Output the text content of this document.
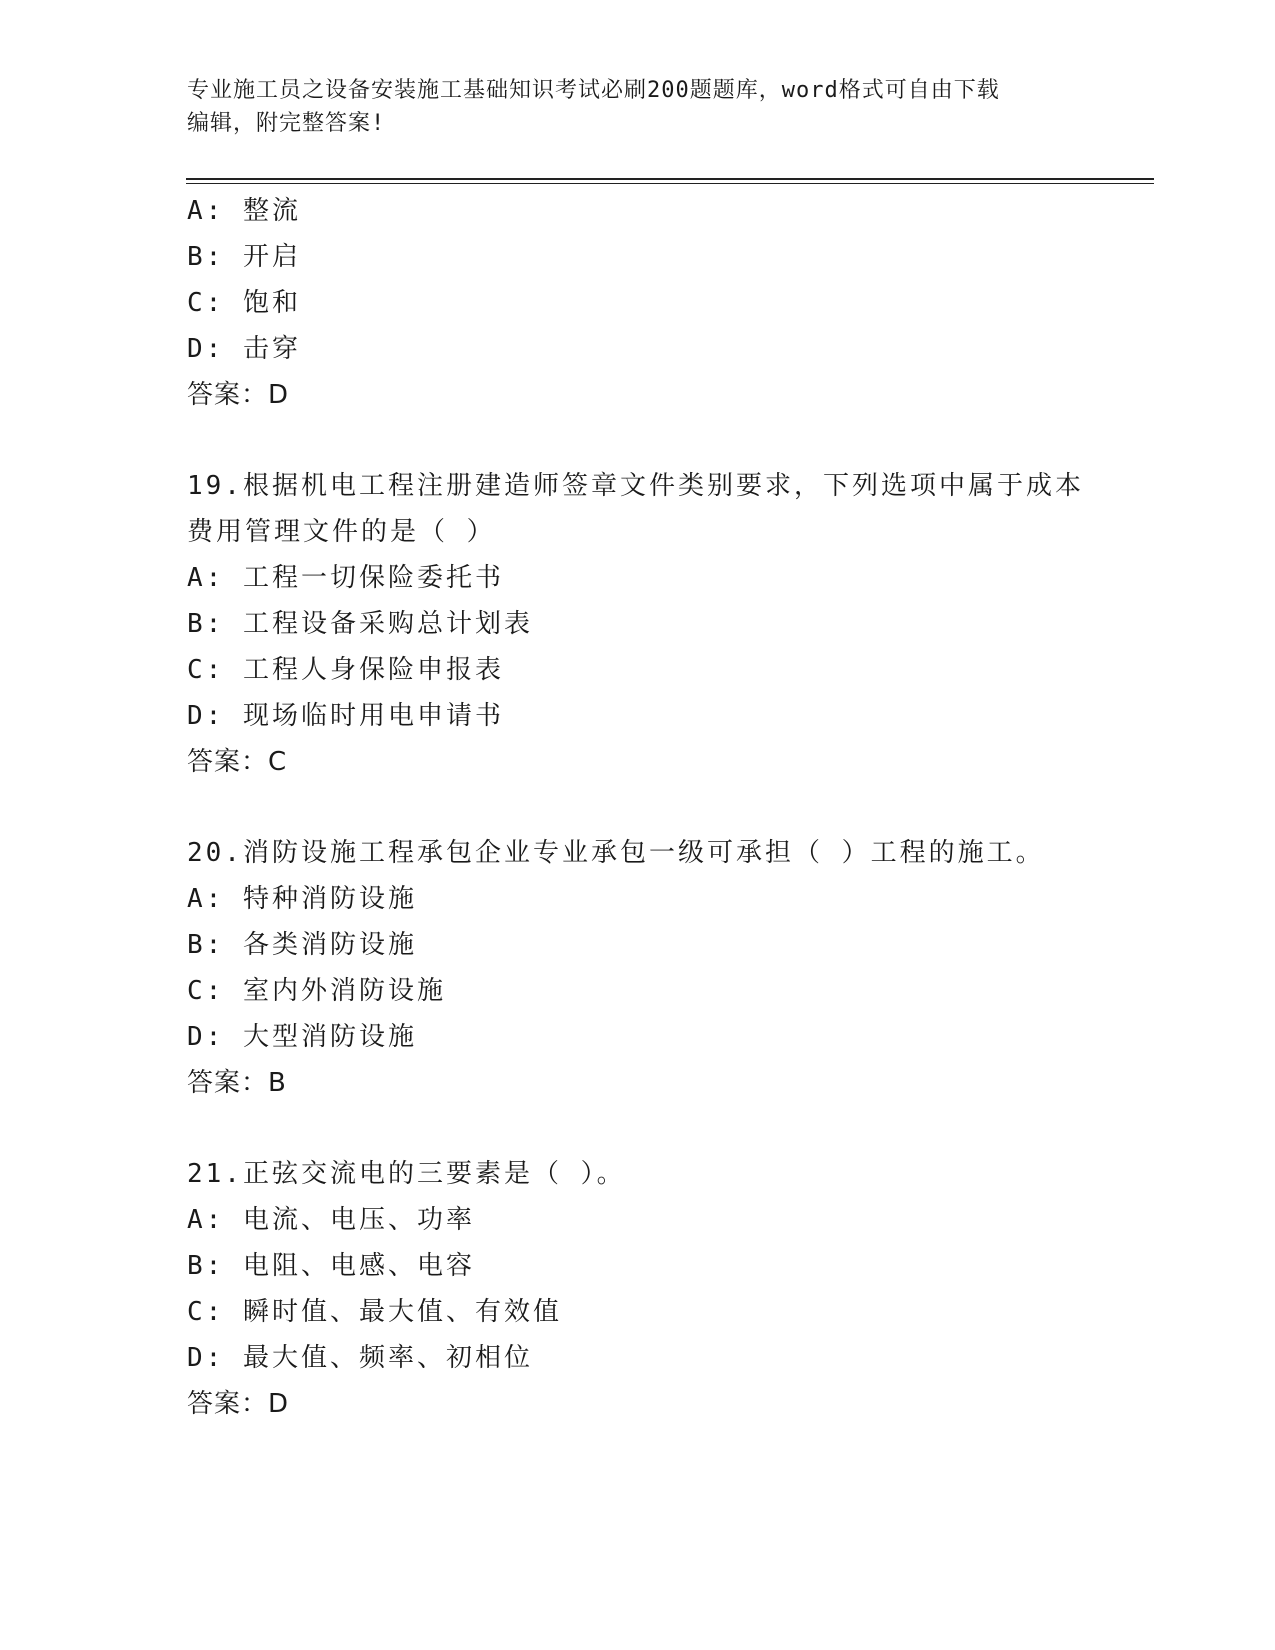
专业施工员之设备安装施工基础知识考试必刷200题题库，word格式可自由下载
编辑，附完整答案!
A: 整流
B: 开启
C: 饱和
D: 击穿
答案：D
19.根据机电工程注册建造师签章文件类别要求，下列选项中属于成本
费用管理文件的是（ ）
A: 工程一切保险委托书
B: 工程设备采购总计划表
C: 工程人身保险申报表
D: 现场临时用电申请书
答案：C
20.消防设施工程承包企业专业承包一级可承担（ ）工程的施工。
A: 特种消防设施
B: 各类消防设施
C: 室内外消防设施
D: 大型消防设施
答案：B
21.正弦交流电的三要素是（ ）。
A: 电流、电压、功率
B: 电阻、电感、电容
C: 瞬时值、最大值、有效值
D: 最大值、频率、初相位
答案：D
